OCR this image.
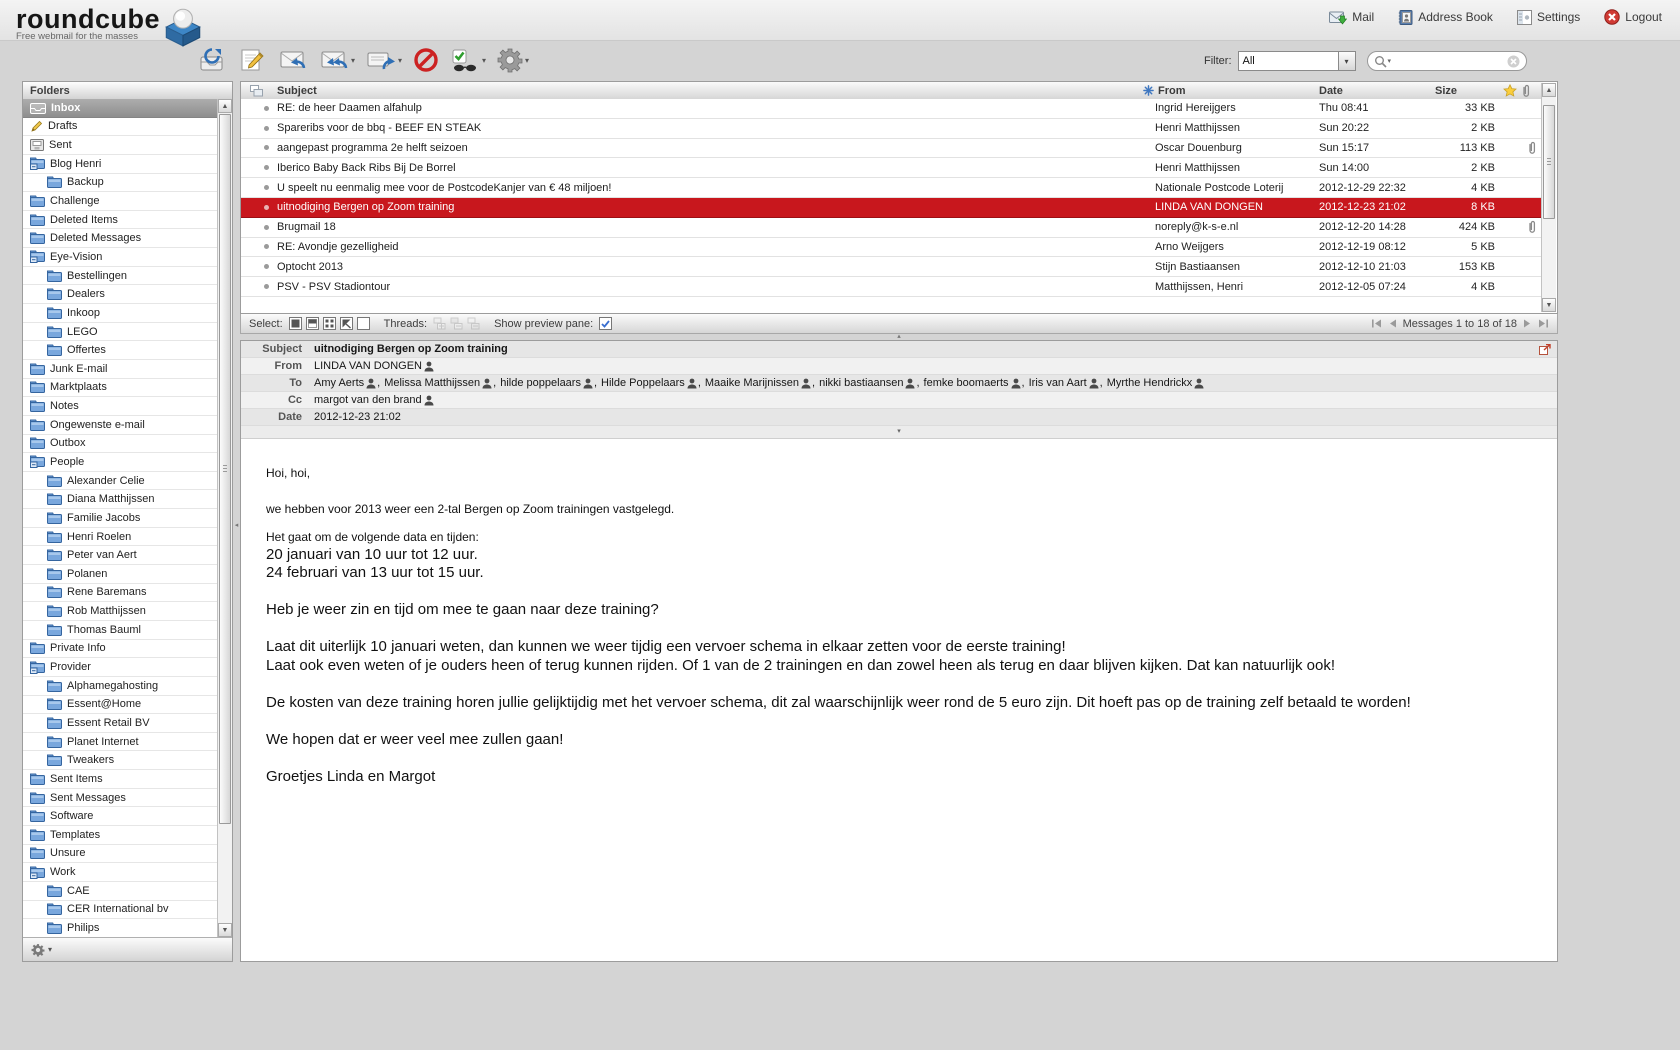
roundcube
Free webmail for the masses
Mail	Address Book	Settings	Logout
▾	▾	▾	▾	Filter:	All	▾	▾
Folders
Inbox
Drafts
Sent
Blog Henri
Backup
Challenge
Deleted Items
Deleted Messages
Eye-Vision
Bestellingen
Dealers
Inkoop
LEGO
Offertes
Junk E-mail
Marktplaats
Notes
Ongewenste e-mail
Outbox
People
Alexander Celie
Diana Matthijssen
Familie Jacobs
Henri Roelen
Peter van Aert
Polanen
Rene Baremans
Rob Matthijssen
Thomas Bauml
Private Info
Provider
Alphamegahosting
Essent@Home
Essent Retail BV
Planet Internet
Tweakers
Sent Items
Sent Messages
Software
Templates
Unsure
Work
CAE
CER International bv
Philips
▲
▼
▾
Subject	From	Date	Size
RE: de heer Daamen alfahulp	Ingrid Hereijgers	Thu 08:41	33 KB
Spareribs voor de bbq - BEEF EN STEAK	Henri Matthijssen	Sun 20:22	2 KB
aangepast programma 2e helft seizoen	Oscar Douenburg	Sun 15:17	113 KB
Iberico Baby Back Ribs Bij De Borrel	Henri Matthijssen	Sun 14:00	2 KB
U speelt nu eenmalig mee voor de PostcodeKanjer van € 48 miljoen!	Nationale Postcode Loterij	2012-12-29 22:32	4 KB
uitnodiging Bergen op Zoom training	LINDA VAN DONGEN	2012-12-23 21:02	8 KB
Brugmail 18	noreply@k-s-e.nl	2012-12-20 14:28	424 KB
RE: Avondje gezelligheid	Arno Weijgers	2012-12-19 08:12	5 KB
Optocht 2013	Stijn Bastiaansen	2012-12-10 21:03	153 KB
PSV - PSV Stadiontour	Matthijssen, Henri	2012-12-05 07:24	4 KB
▲
▼
Select:	Threads:	Show preview pane:	Messages 1 to 18 of 18
▴
◂
Subject	uitnodiging Bergen op Zoom training
From	LINDA VAN DONGEN
To	Amy Aerts , Melissa Matthijssen , hilde poppelaars , Hilde Poppelaars , Maaike Marijnissen , nikki bastiaansen , femke boomaerts , Iris van Aart , Myrthe Hendrickx
Cc	margot van den brand
Date	2012-12-23 21:02
▾
Hoi, hoi,
we hebben voor 2013 weer een 2-tal Bergen op Zoom trainingen vastgelegd.
Het gaat om de volgende data en tijden:
20 januari van 10 uur tot 12 uur.
24 februari van 13 uur tot 15 uur.
Heb je weer zin en tijd om mee te gaan naar deze training?
Laat dit uiterlijk 10 januari weten, dan kunnen we weer tijdig een vervoer schema in elkaar zetten voor de eerste training!
Laat ook even weten of je ouders heen of terug kunnen rijden. Of 1 van de 2 trainingen en dan zowel heen als terug en daar blijven kijken. Dat kan natuurlijk ook!
De kosten van deze training horen jullie gelijktijdig met het vervoer schema, dit zal waarschijnlijk weer rond de 5 euro zijn. Dit hoeft pas op de training zelf betaald te worden!
We hopen dat er weer veel mee zullen gaan!
Groetjes Linda en Margot
